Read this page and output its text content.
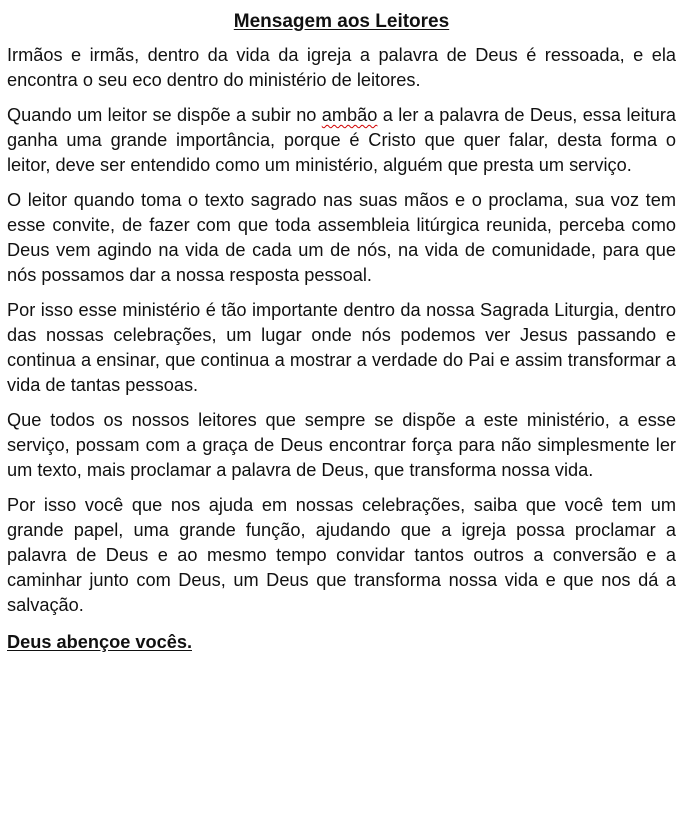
Mensagem aos Leitores

Irmãos e irmãs, dentro da vida da igreja a palavra de Deus é ressoada, e ela encontra o seu eco dentro do ministério de leitores.

Quando um leitor se dispõe a subir no ambão a ler a palavra de Deus, essa leitura ganha uma grande importância, porque é Cristo que quer falar, desta forma o leitor, deve ser entendido como um ministério, alguém que presta um serviço.

O leitor quando toma o texto sagrado nas suas mãos e o proclama, sua voz tem esse convite, de fazer com que toda assembleia litúrgica reunida, perceba como Deus vem agindo na vida de cada um de nós, na vida de comunidade, para que nós possamos dar a nossa resposta pessoal.

Por isso esse ministério é tão importante dentro da nossa Sagrada Liturgia, dentro das nossas celebrações, um lugar onde nós podemos ver Jesus passando e continua a ensinar, que continua a mostrar a verdade do Pai e assim transformar a vida de tantas pessoas.

Que todos os nossos leitores que sempre se dispõe a este ministério, a esse serviço, possam com a graça de Deus encontrar força para não simplesmente ler um texto, mais proclamar a palavra de Deus, que transforma nossa vida.

Por isso você que nos ajuda em nossas celebrações, saiba que você tem um grande papel, uma grande função, ajudando que a igreja possa proclamar a palavra de Deus e ao mesmo tempo convidar tantos outros a conversão e a caminhar junto com Deus, um Deus que transforma nossa vida e que nos dá a salvação.

Deus abençoe vocês.
